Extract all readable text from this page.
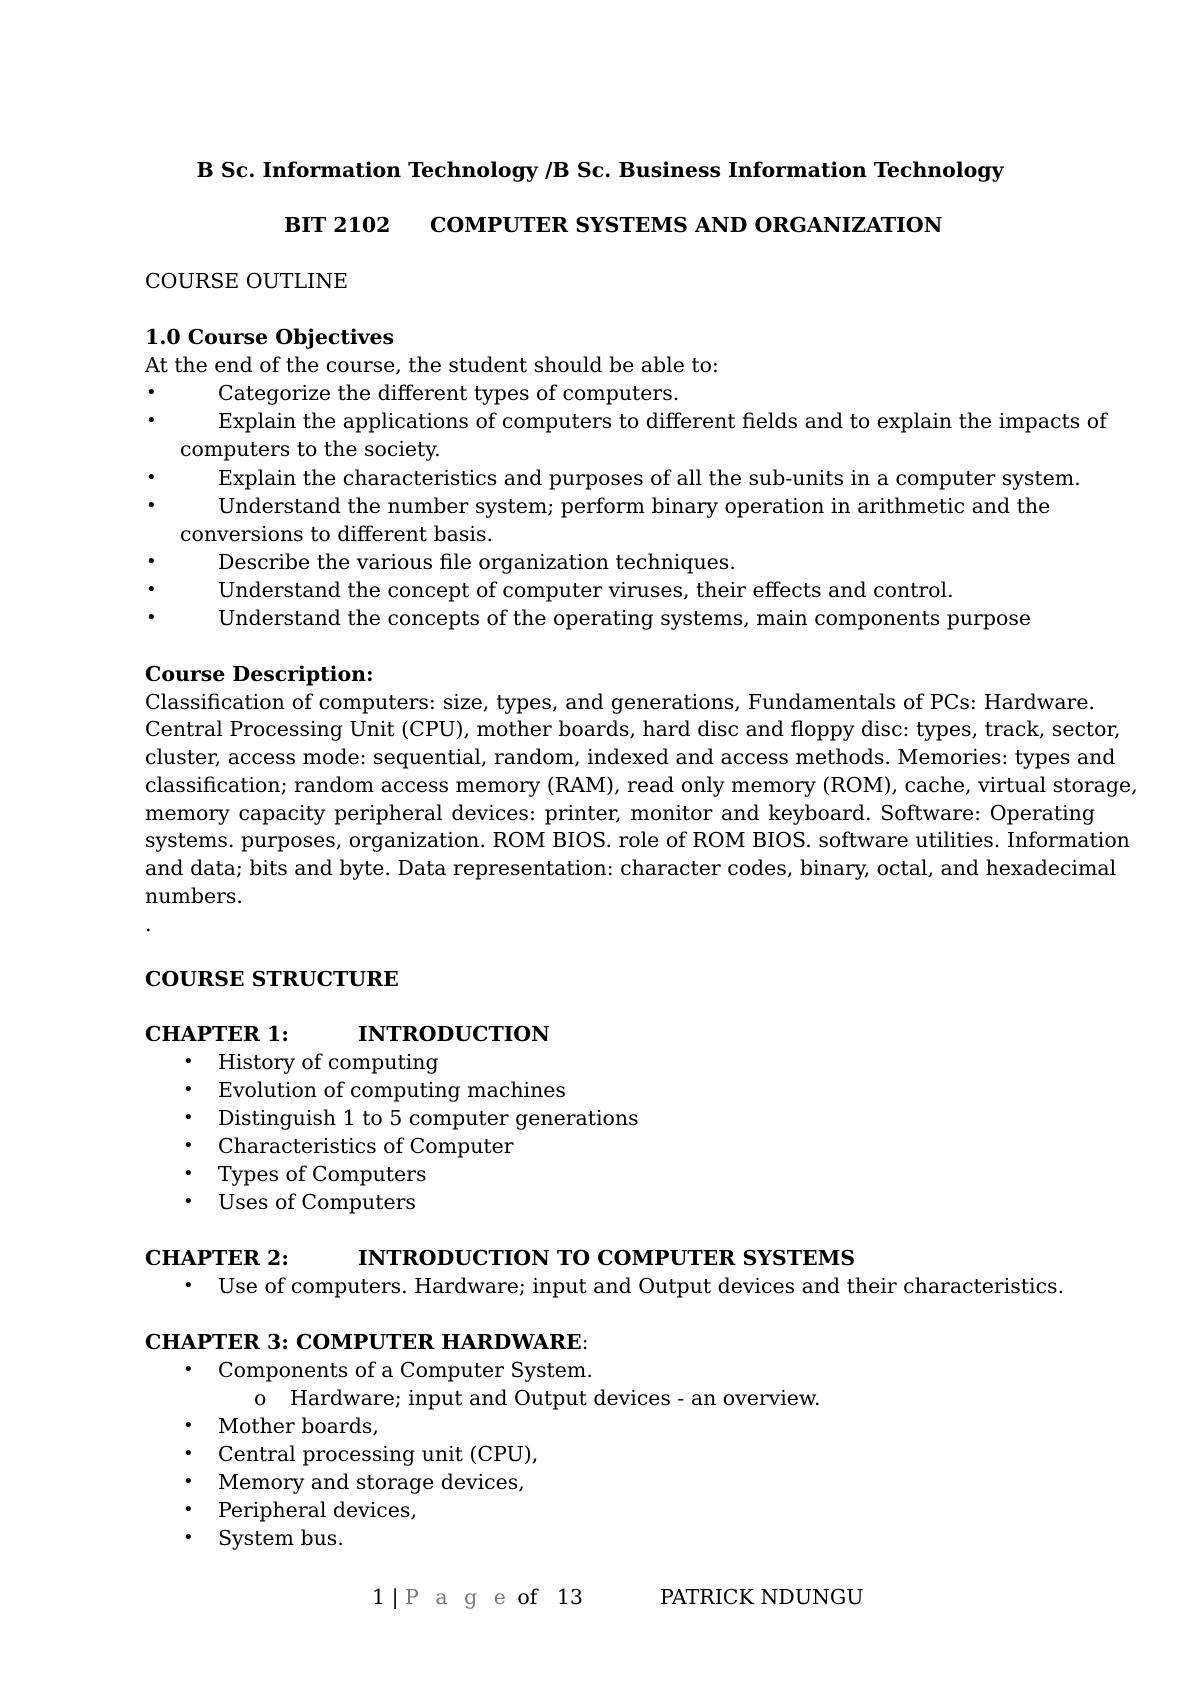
B Sc. Information Technology /B Sc. Business Information Technology
BIT 2102 COMPUTER SYSTEMS AND ORGANIZATION
COURSE OUTLINE
1.0 Course Objectives
At the end of the course, the student should be able to:
•	Categorize the different types of computers.
•	Explain the applications of computers to different fields and to explain the impacts of
computers to the society.
•	Explain the characteristics and purposes of all the sub-units in a computer system.
•	Understand the number system; perform binary operation in arithmetic and the
conversions to different basis.
•	Describe the various file organization techniques.
•	Understand the concept of computer viruses, their effects and control.
•	Understand the concepts of the operating systems, main components purpose
Course Description:
Classification of computers: size, types, and generations, Fundamentals of PCs: Hardware.
Central Processing Unit (CPU), mother boards, hard disc and floppy disc: types, track, sector,
cluster, access mode: sequential, random, indexed and access methods. Memories: types and
classification; random access memory (RAM), read only memory (ROM), cache, virtual storage,
memory capacity peripheral devices: printer, monitor and keyboard. Software: Operating
systems. purposes, organization. ROM BIOS. role of ROM BIOS. software utilities. Information
and data; bits and byte. Data representation: character codes, binary, octal, and hexadecimal
numbers.
.
COURSE STRUCTURE
CHAPTER 1:	INTRODUCTION
• History of computing
• Evolution of computing machines
• Distinguish 1 to 5 computer generations
• Characteristics of Computer
• Types of Computers
• Uses of Computers
CHAPTER 2:	INTRODUCTION TO COMPUTER SYSTEMS
• Use of computers. Hardware; input and Output devices and their characteristics.
CHAPTER 3: COMPUTER HARDWARE:
• Components of a Computer System.
o Hardware; input and Output devices - an overview.
• Mother boards,
• Central processing unit (CPU),
• Memory and storage devices,
• Peripheral devices,
• System bus.
1 | P a g e of 13	PATRICK NDUNGU
